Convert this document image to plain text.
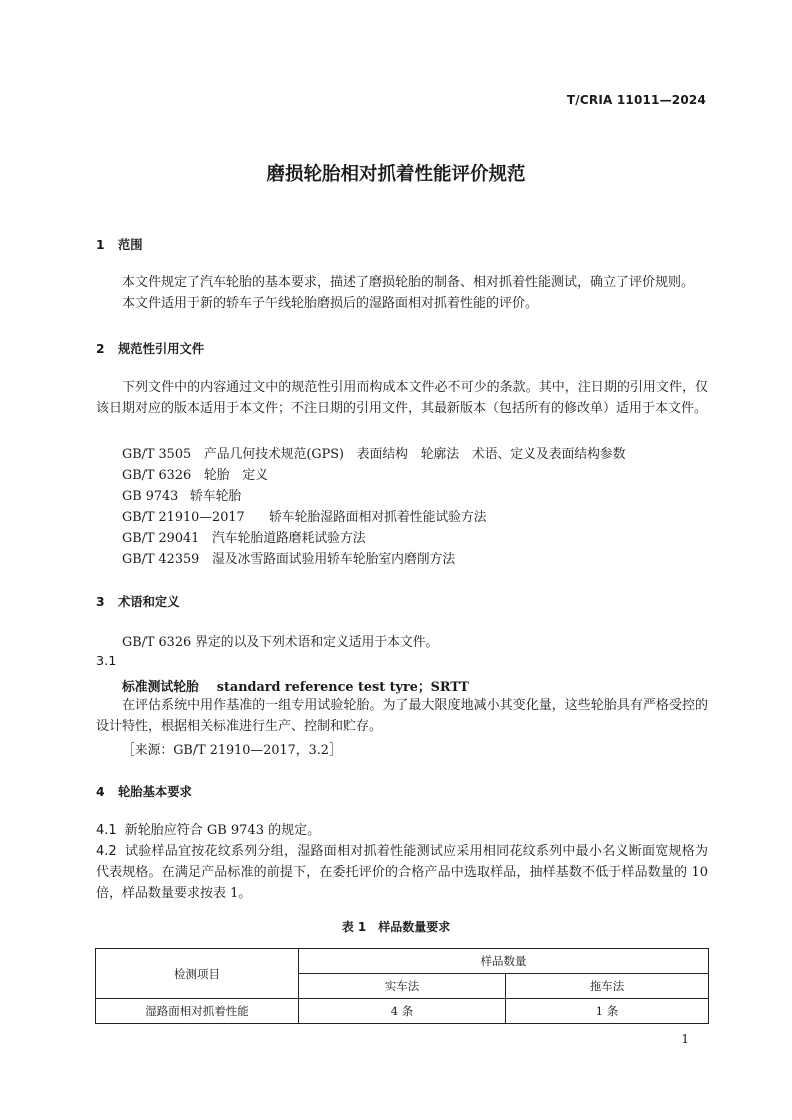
T/CRIA 11011—2024
磨损轮胎相对抓着性能评价规范
1 范围
本文件规定了汽车轮胎的基本要求，描述了磨损轮胎的制备、相对抓着性能测试，确立了评价规则。
本文件适用于新的轿车子午线轮胎磨损后的湿路面相对抓着性能的评价。
2 规范性引用文件
下列文件中的内容通过文中的规范性引用而构成本文件必不可少的条款。其中，注日期的引用文件，仅该日期对应的版本适用于本文件；不注日期的引用文件，其最新版本（包括所有的修改单）适用于本文件。
GB/T 3505 产品几何技术规范(GPS)　表面结构　轮廓法　术语、定义及表面结构参数
GB/T 6326 轮胎　定义
GB 9743 轿车轮胎
GB/T 21910—2017 轿车轮胎湿路面相对抓着性能试验方法
GB/T 29041 汽车轮胎道路磨耗试验方法
GB/T 42359 湿及冰雪路面试验用轿车轮胎室内磨削方法
3 术语和定义
GB/T 6326 界定的以及下列术语和定义适用于本文件。
3.1
标准测试轮胎 standard reference test tyre；SRTT
在评估系统中用作基准的一组专用试验轮胎。为了最大限度地减小其变化量，这些轮胎具有严格受控的设计特性，根据相关标准进行生产、控制和贮存。
［来源：GB/T 21910—2017，3.2］
4 轮胎基本要求
4.1 新轮胎应符合 GB 9743 的规定。
4.2 试验样品宜按花纹系列分组，湿路面相对抓着性能测试应采用相同花纹系列中最小名义断面宽规格为代表规格。在满足产品标准的前提下，在委托评价的合格产品中选取样品，抽样基数不低于样品数量的 10 倍，样品数量要求按表 1。
表 1　样品数量要求
检测项目	样品数量	
	实车法	拖车法
湿路面相对抓着性能	4 条	1 条
1
